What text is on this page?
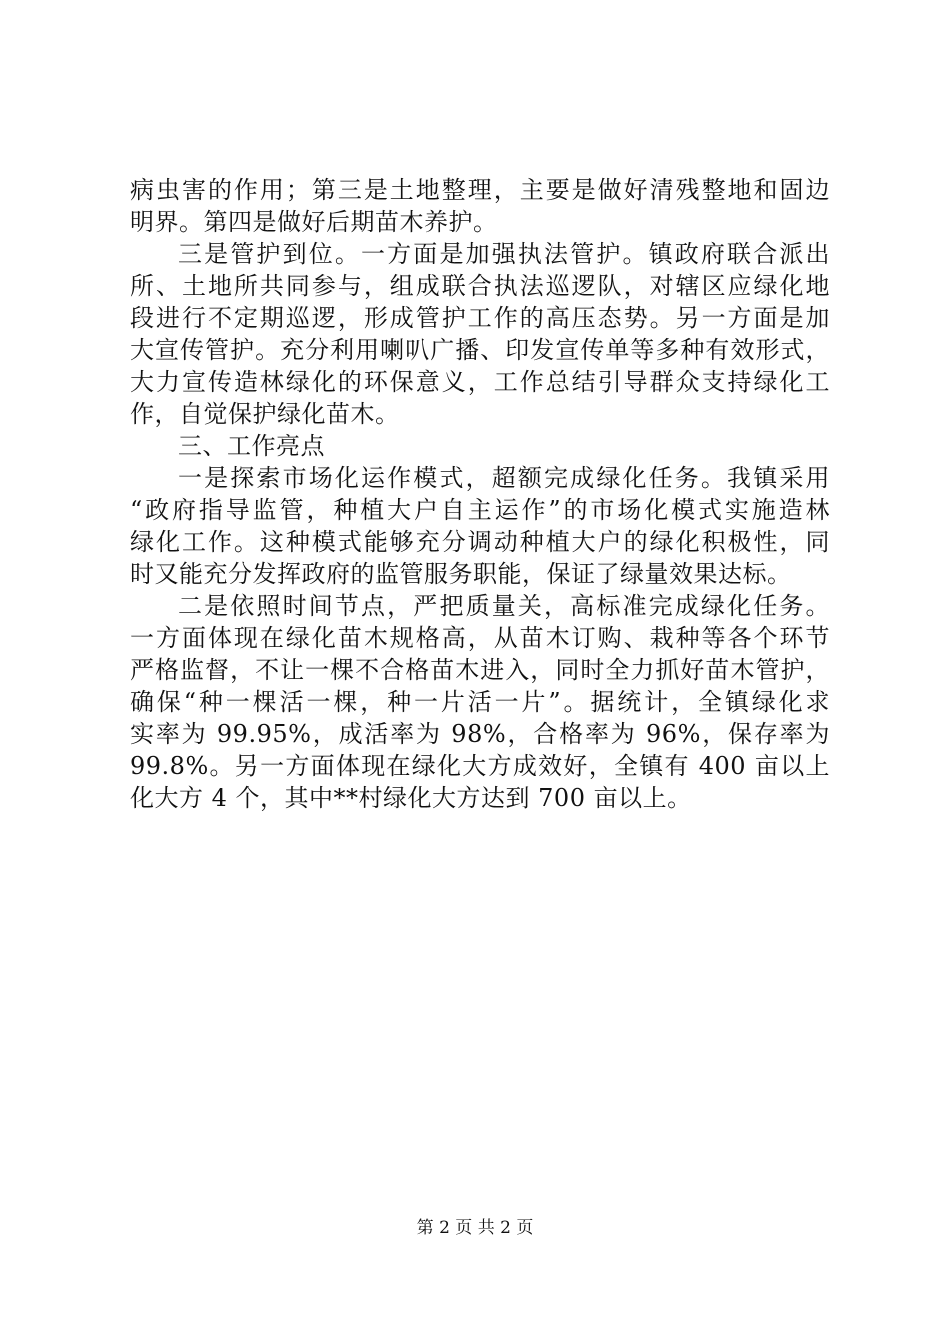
病虫害的作用；第三是土地整理，主要是做好清残整地和固边
明界。第四是做好后期苗木养护。
三是管护到位。一方面是加强执法管护。镇政府联合派出
所、土地所共同参与，组成联合执法巡逻队，对辖区应绿化地
段进行不定期巡逻，形成管护工作的高压态势。另一方面是加
大宣传管护。充分利用喇叭广播、印发宣传单等多种有效形式，
大力宣传造林绿化的环保意义，工作总结引导群众支持绿化工
作，自觉保护绿化苗木。
三、工作亮点
一是探索市场化运作模式，超额完成绿化任务。我镇采用
“政府指导监管，种植大户自主运作”的市场化模式实施造林
绿化工作。这种模式能够充分调动种植大户的绿化积极性，同
时又能充分发挥政府的监管服务职能，保证了绿量效果达标。
二是依照时间节点，严把质量关，高标准完成绿化任务。
一方面体现在绿化苗木规格高，从苗木订购、栽种等各个环节
严格监督，不让一棵不合格苗木进入，同时全力抓好苗木管护，
确保“种一棵活一棵，种一片活一片”。据统计，全镇绿化求
实率为 99.95%，成活率为 98%，合格率为 96%，保存率为
99.8%。另一方面体现在绿化大方成效好，全镇有 400 亩以上
化大方 4 个，其中**村绿化大方达到 700 亩以上。
第 2 页 共 2 页
